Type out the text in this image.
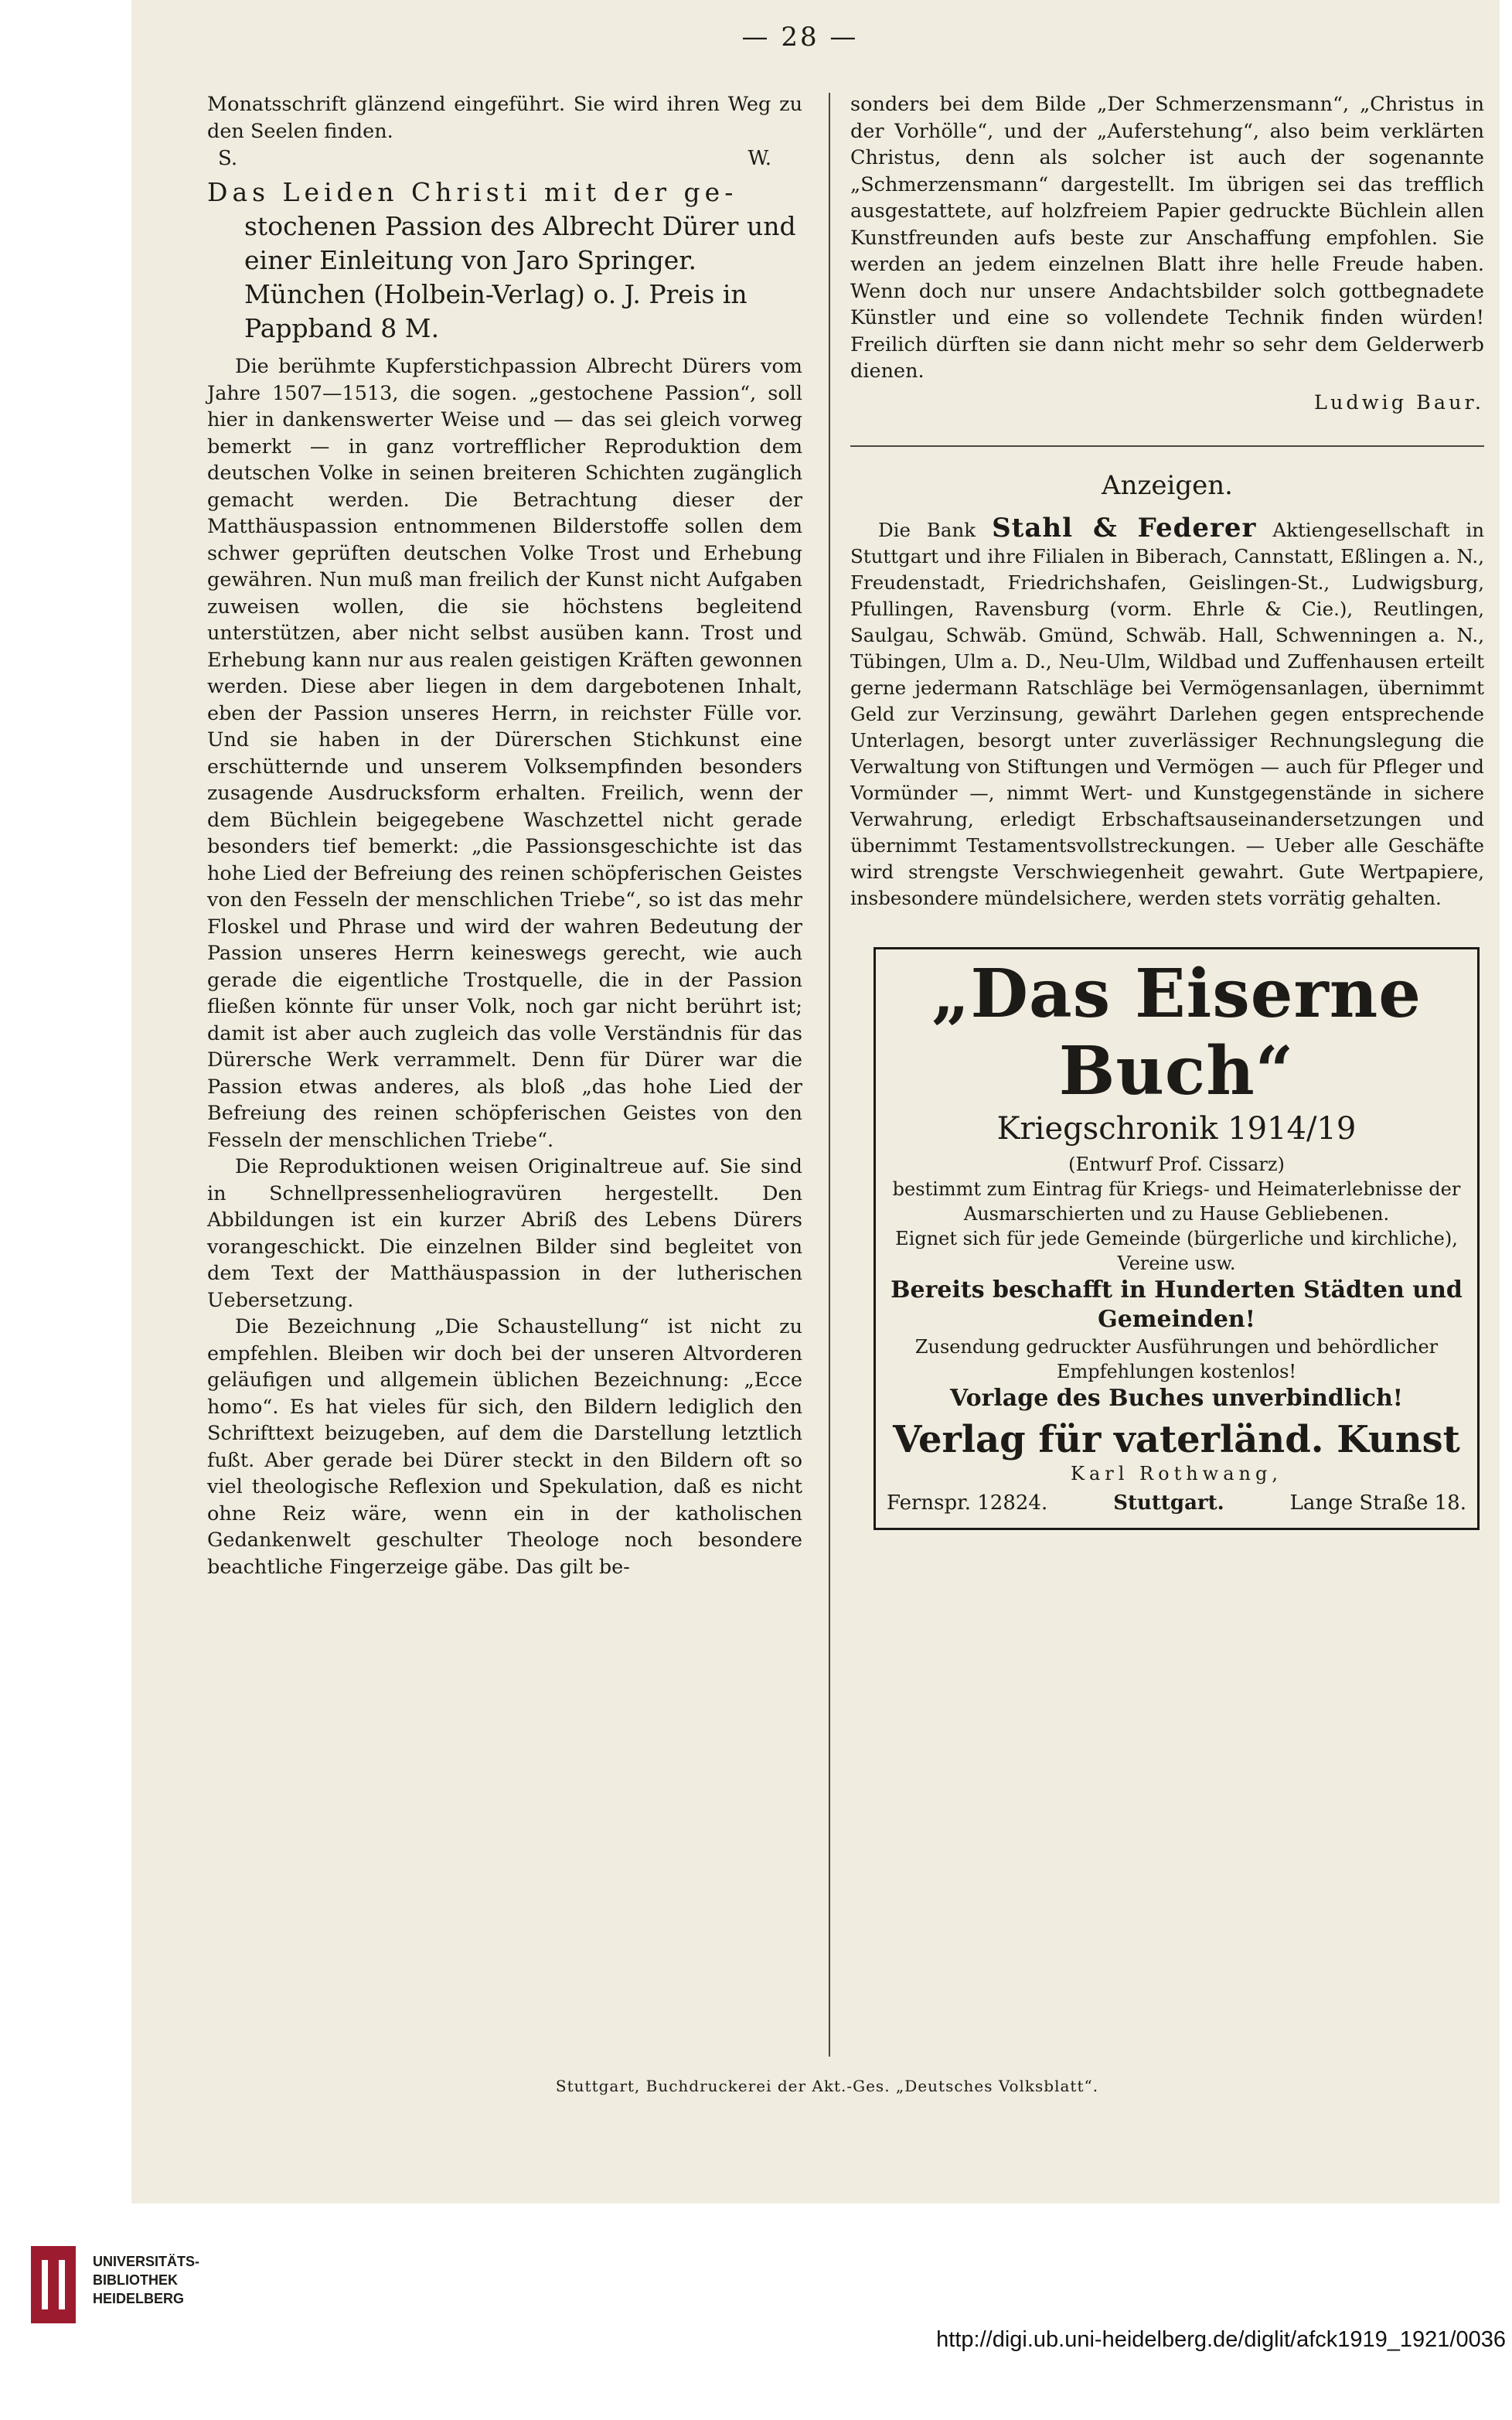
— 28 —

Monatsschrift glänzend eingeführt. Sie wird ihren Weg zu den Seelen finden.

S.	W.
Das Leiden Christi mit der ge-
stochenen Passion des Albrecht Dürer und einer Einleitung von Jaro Springer. München (Holbein-Verlag) o. J. Preis in Pappband 8 M.

Die berühmte Kupferstichpassion Albrecht Dürers vom Jahre 1507—1513, die sogen. „gestochene Passion“, soll hier in dankenswerter Weise und — das sei gleich vorweg bemerkt — in ganz vortrefflicher Reproduktion dem deutschen Volke in seinen breiteren Schichten zugänglich gemacht werden. Die Betrachtung dieser der Matthäuspassion entnommenen Bilderstoffe sollen dem schwer geprüften deutschen Volke Trost und Erhebung gewähren. Nun muß man freilich der Kunst nicht Aufgaben zuweisen wollen, die sie höchstens begleitend unterstützen, aber nicht selbst ausüben kann. Trost und Erhebung kann nur aus realen geistigen Kräften gewonnen werden. Diese aber liegen in dem dargebotenen Inhalt, eben der Passion unseres Herrn, in reichster Fülle vor. Und sie haben in der Dürerschen Stichkunst eine erschütternde und unserem Volksempfinden besonders zusagende Ausdrucksform erhalten. Freilich, wenn der dem Büchlein beigegebene Waschzettel nicht gerade besonders tief bemerkt: „die Passionsgeschichte ist das hohe Lied der Befreiung des reinen schöpferischen Geistes von den Fesseln der menschlichen Triebe“, so ist das mehr Floskel und Phrase und wird der wahren Bedeutung der Passion unseres Herrn keineswegs gerecht, wie auch gerade die eigentliche Trostquelle, die in der Passion fließen könnte für unser Volk, noch gar nicht berührt ist; damit ist aber auch zugleich das volle Verständnis für das Dürersche Werk verrammelt. Denn für Dürer war die Passion etwas anderes, als bloß „das hohe Lied der Befreiung des reinen schöpferischen Geistes von den Fesseln der menschlichen Triebe“.

Die Reproduktionen weisen Originaltreue auf. Sie sind in Schnellpressenheliogravüren hergestellt. Den Abbildungen ist ein kurzer Abriß des Lebens Dürers vorangeschickt. Die einzelnen Bilder sind begleitet von dem Text der Matthäuspassion in der lutherischen Uebersetzung.

Die Bezeichnung „Die Schaustellung“ ist nicht zu empfehlen. Bleiben wir doch bei der unseren Altvorderen geläufigen und allgemein üblichen Bezeichnung: „Ecce homo“. Es hat vieles für sich, den Bildern lediglich den Schrifttext beizugeben, auf dem die Darstellung letztlich fußt. Aber gerade bei Dürer steckt in den Bildern oft so viel theologische Reflexion und Spekulation, daß es nicht ohne Reiz wäre, wenn ein in der katholischen Gedankenwelt geschulter Theologe noch besondere beachtliche Fingerzeige gäbe. Das gilt be-

sonders bei dem Bilde „Der Schmerzensmann“, „Christus in der Vorhölle“, und der „Auferstehung“, also beim verklärten Christus, denn als solcher ist auch der sogenannte „Schmerzensmann“ dargestellt. Im übrigen sei das trefflich ausgestattete, auf holzfreiem Papier gedruckte Büchlein allen Kunstfreunden aufs beste zur Anschaffung empfohlen. Sie werden an jedem einzelnen Blatt ihre helle Freude haben. Wenn doch nur unsere Andachtsbilder solch gottbegnadete Künstler und eine so vollendete Technik finden würden! Freilich dürften sie dann nicht mehr so sehr dem Gelderwerb dienen.

Ludwig Baur.

Anzeigen.

Die Bank Stahl & Federer Aktiengesellschaft in Stuttgart und ihre Filialen in Biberach, Cannstatt, Eßlingen a. N., Freudenstadt, Friedrichshafen, Geislingen-St., Ludwigsburg, Pfullingen, Ravensburg (vorm. Ehrle & Cie.), Reutlingen, Saulgau, Schwäb. Gmünd, Schwäb. Hall, Schwenningen a. N., Tübingen, Ulm a. D., Neu-Ulm, Wildbad und Zuffenhausen erteilt gerne jedermann Ratschläge bei Vermögensanlagen, übernimmt Geld zur Verzinsung, gewährt Darlehen gegen entsprechende Unterlagen, besorgt unter zuverlässiger Rechnungslegung die Verwaltung von Stiftungen und Vermögen — auch für Pfleger und Vormünder —, nimmt Wert- und Kunstgegenstände in sichere Verwahrung, erledigt Erbschaftsauseinandersetzungen und übernimmt Testamentsvollstreckungen. — Ueber alle Geschäfte wird strengste Verschwiegenheit gewahrt. Gute Wertpapiere, insbesondere mündelsichere, werden stets vorrätig gehalten.

„Das Eiserne Buch“
Kriegschronik 1914/19
(Entwurf Prof. Cissarz)
bestimmt zum Eintrag für Kriegs- und Heimaterlebnisse der Ausmarschierten und zu Hause Gebliebenen.
Eignet sich für jede Gemeinde (bürgerliche und kirchliche), Vereine usw.
Bereits beschafft in Hunderten Städten und Gemeinden!
Zusendung gedruckter Ausführungen und behördlicher Empfehlungen kostenlos!
Vorlage des Buches unverbindlich!
Verlag für vaterländ. Kunst
Karl Rothwang,
Fernspr. 12824.	Stuttgart.	Lange Straße 18.
Stuttgart, Buchdruckerei der Akt.-Ges. „Deutsches Volksblatt“.
UNIVERSITÄTS-
BIBLIOTHEK
HEIDELBERG
http://digi.ub.uni-heidelberg.de/diglit/afck1919_1921/0036
